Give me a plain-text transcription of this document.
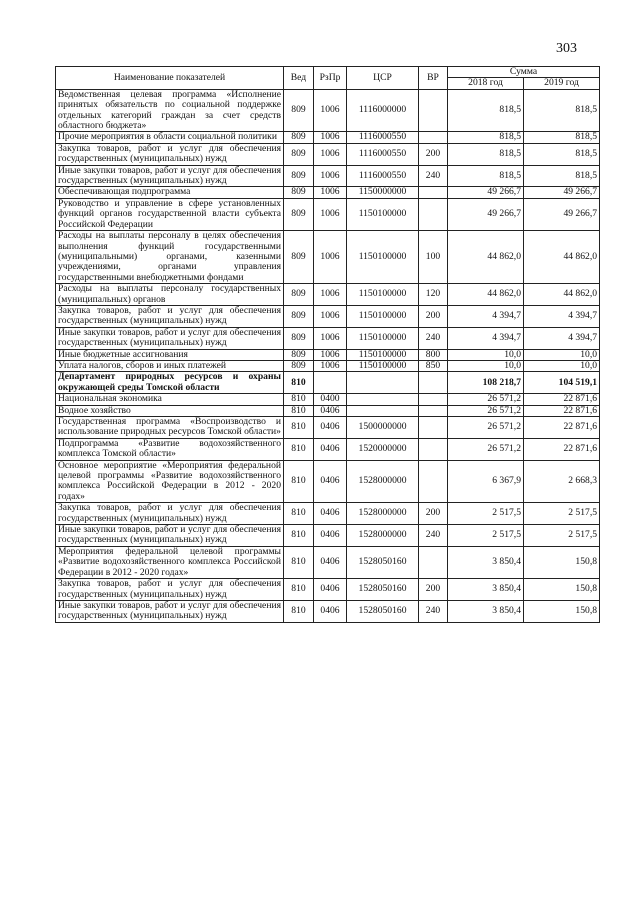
303
Наименование показателей	Вед	РзПр	ЦСР	ВР	Сумма	
					2018 год	2019 год
Ведомственная целевая программа «Исполнение принятых обязательств по социальной поддержке отдельных категорий граждан за счет средств областного бюджета»	809	1006	1116000000		818,5	818,5
Прочие мероприятия в области социальной политики	809	1006	1116000550		818,5	818,5
Закупка товаров, работ и услуг для обеспечения государственных (муниципальных) нужд	809	1006	1116000550	200	818,5	818,5
Иные закупки товаров, работ и услуг для обеспечения государственных (муниципальных) нужд	809	1006	1116000550	240	818,5	818,5
Обеспечивающая подпрограмма	809	1006	1150000000		49 266,7	49 266,7
Руководство и управление в сфере установленных функций органов государственной власти субъекта Российской Федерации	809	1006	1150100000		49 266,7	49 266,7
Расходы на выплаты персоналу в целях обеспечения выполнения функций государственными (муниципальными) органами, казенными учреждениями, органами управления государственными внебюджетными фондами	809	1006	1150100000	100	44 862,0	44 862,0
Расходы на выплаты персоналу государственных (муниципальных) органов	809	1006	1150100000	120	44 862,0	44 862,0
Закупка товаров, работ и услуг для обеспечения государственных (муниципальных) нужд	809	1006	1150100000	200	4 394,7	4 394,7
Иные закупки товаров, работ и услуг для обеспечения государственных (муниципальных) нужд	809	1006	1150100000	240	4 394,7	4 394,7
Иные бюджетные ассигнования	809	1006	1150100000	800	10,0	10,0
Уплата налогов, сборов и иных платежей	809	1006	1150100000	850	10,0	10,0
Департамент природных ресурсов и охраны окружающей среды Томской области	810				108 218,7	104 519,1
Национальная экономика	810	0400			26 571,2	22 871,6
Водное хозяйство	810	0406			26 571,2	22 871,6
Государственная программа «Воспроизводство и использование природных ресурсов Томской области»	810	0406	1500000000		26 571,2	22 871,6
Подпрограмма «Развитие водохозяйственного комплекса Томской области»	810	0406	1520000000		26 571,2	22 871,6
Основное мероприятие «Мероприятия федеральной целевой программы «Развитие водохозяйственного комплекса Российской Федерации в 2012 - 2020 годах»	810	0406	1528000000		6 367,9	2 668,3
Закупка товаров, работ и услуг для обеспечения государственных (муниципальных) нужд	810	0406	1528000000	200	2 517,5	2 517,5
Иные закупки товаров, работ и услуг для обеспечения государственных (муниципальных) нужд	810	0406	1528000000	240	2 517,5	2 517,5
Мероприятия федеральной целевой программы «Развитие водохозяйственного комплекса Российской Федерации в 2012 - 2020 годах»	810	0406	1528050160		3 850,4	150,8
Закупка товаров, работ и услуг для обеспечения государственных (муниципальных) нужд	810	0406	1528050160	200	3 850,4	150,8
Иные закупки товаров, работ и услуг для обеспечения государственных (муниципальных) нужд	810	0406	1528050160	240	3 850,4	150,8
